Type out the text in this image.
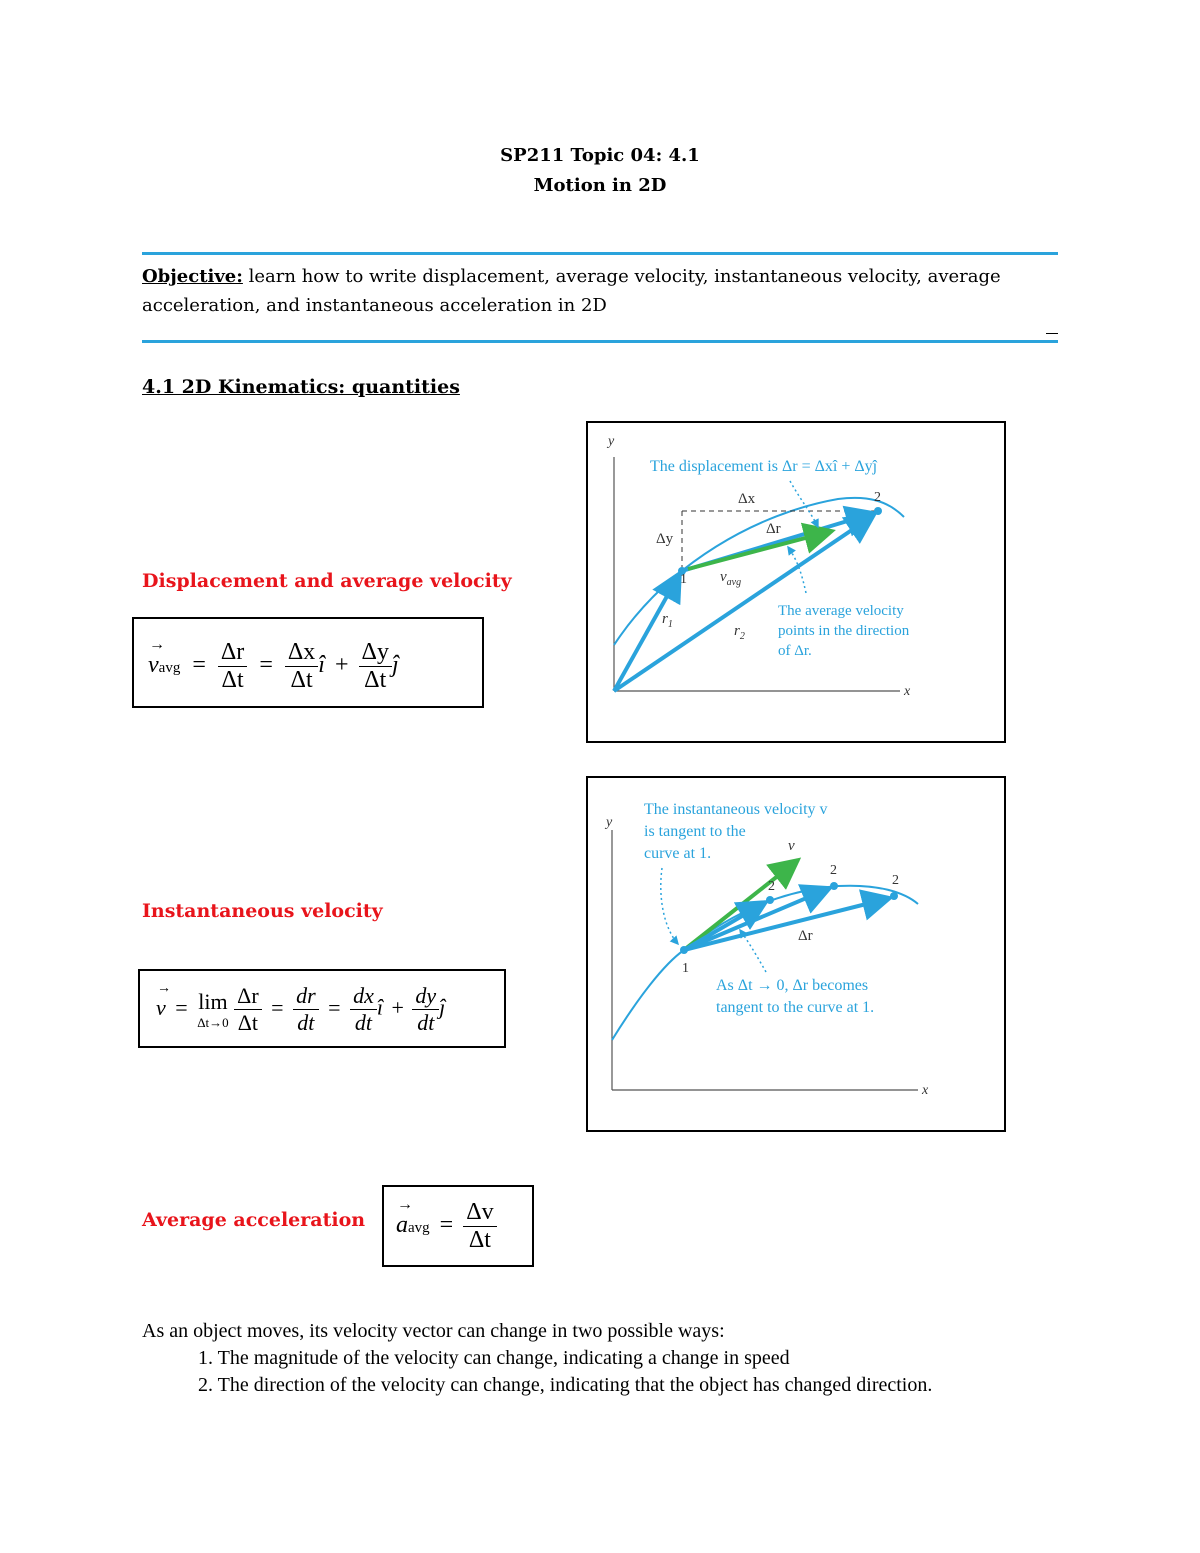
SP211 Topic 04: 4.1
Motion in 2D
Objective: learn how to write displacement, average velocity, instantaneous velocity, average acceleration, and instantaneous acceleration in 2D
4.1 2D Kinematics: quantities
Displacement and average velocity
→
vavg = $\frac{\Delta r}{\Delta t} = \frac{\Delta x}{\Delta t}$ î + $\frac{\Delta y}{\Delta t}$ ĵ
y
x
The displacement is Δr = Δxî + Δyĵ
Δx
Δy
Δr
$v_{avg}$
$r_1$	$r_2$
1
2
The average velocity
points in the direction
of Δr.
Instantaneous velocity
→
v = lim
Δt→0
$\frac{\Delta r}{\Delta t} = \frac{dr}{dt} = \frac{dx}{dt}$ î + $\frac{dy}{dt}$ ĵ
y
x
The instantaneous velocity v
is tangent to the
curve at 1.	v
Δr
1
2
2
2
As Δt → 0, Δr becomes
tangent to the curve at 1.
Average acceleration
→
aavg = $\frac{\Delta v}{\Delta t}$
As an object moves, its velocity vector can change in two possible ways:
1. The magnitude of the velocity can change, indicating a change in speed
2. The direction of the velocity can change, indicating that the object has changed direction.
